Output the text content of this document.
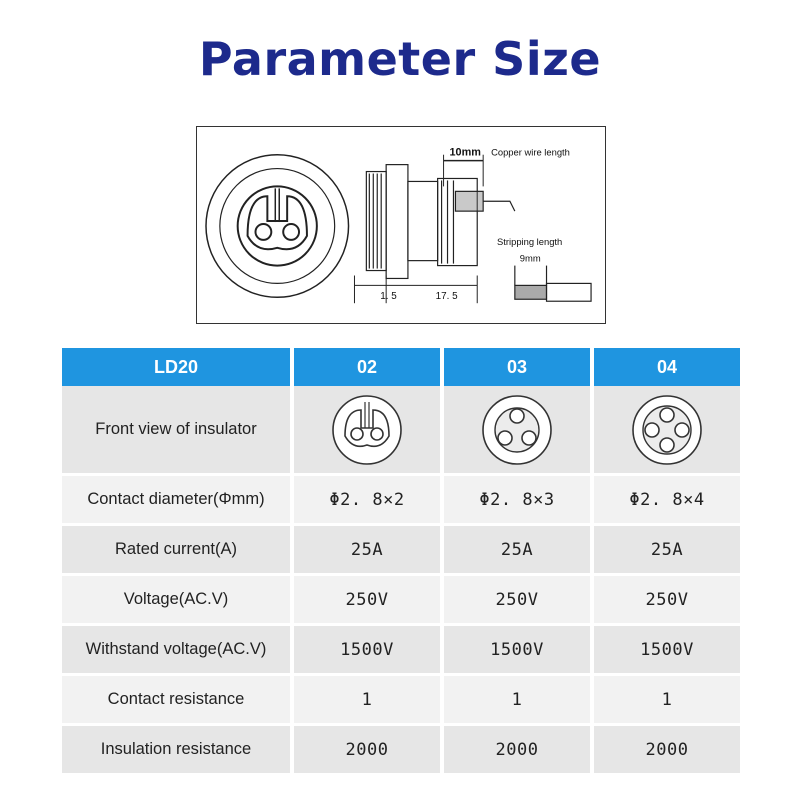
Parameter Size
10mm Copper wire length
Stripping length
9mm
1. 5	17. 5
LD20	02	03	04
Front view of insulator	

Contact diameter(Φmm)	Φ2. 8×2	Φ2. 8×3	Φ2. 8×4
Rated current(A)	25A	25A	25A
Voltage(AC.V)	250V	250V	250V
Withstand voltage(AC.V)	1500V	1500V	1500V
Contact resistance	1	1	1
Insulation resistance	2000	2000	2000
